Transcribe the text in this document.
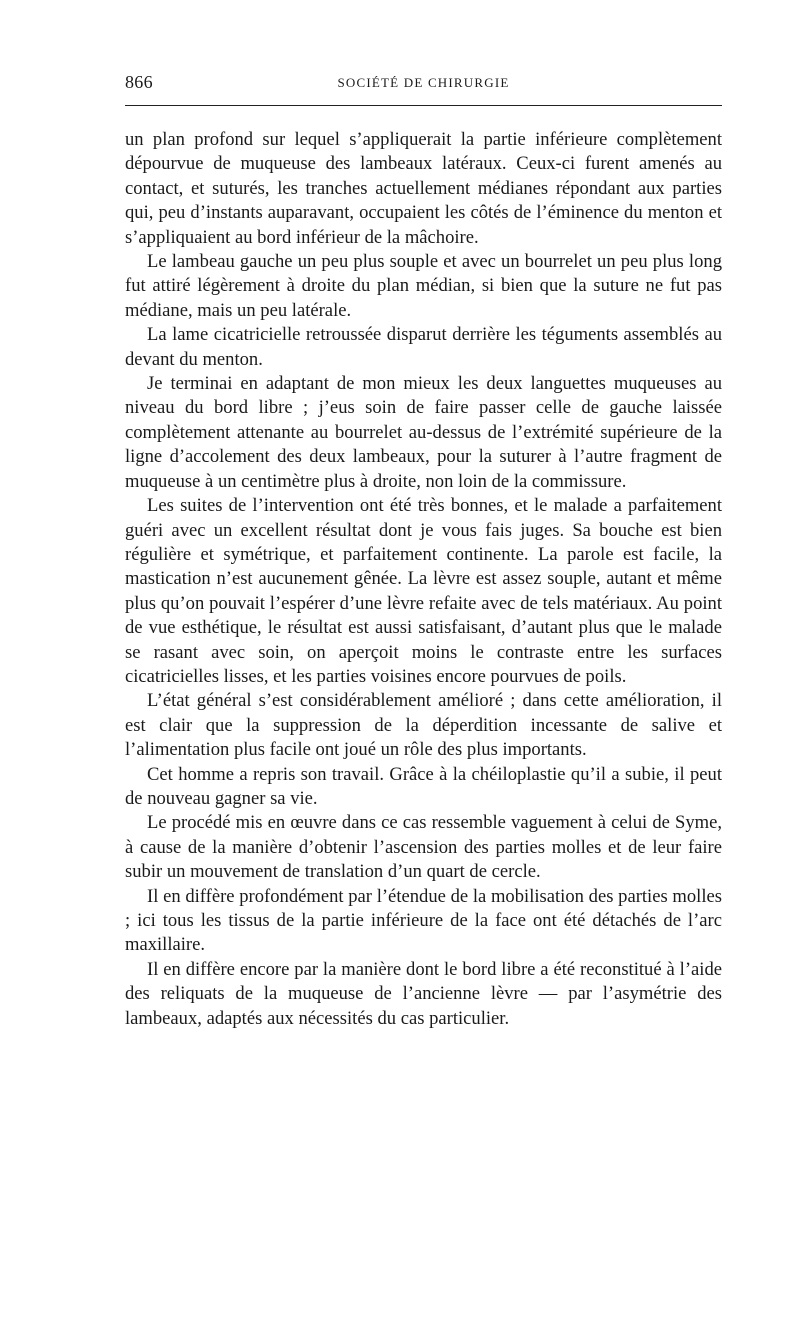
866	SOCIÉTÉ DE CHIRURGIE

un plan profond sur lequel s’appliquerait la partie inférieure complètement dépourvue de muqueuse des lambeaux latéraux. Ceux-ci furent amenés au contact, et suturés, les tranches actuellement médianes répondant aux parties qui, peu d’instants auparavant, occupaient les côtés de l’éminence du menton et s’appliquaient au bord inférieur de la mâchoire.

Le lambeau gauche un peu plus souple et avec un bourrelet un peu plus long fut attiré légèrement à droite du plan médian, si bien que la suture ne fut pas médiane, mais un peu latérale.

La lame cicatricielle retroussée disparut derrière les téguments assemblés au devant du menton.

Je terminai en adaptant de mon mieux les deux languettes muqueuses au niveau du bord libre ; j’eus soin de faire passer celle de gauche laissée complètement attenante au bourrelet au-dessus de l’extrémité supérieure de la ligne d’accolement des deux lambeaux, pour la suturer à l’autre fragment de muqueuse à un centimètre plus à droite, non loin de la commissure.

Les suites de l’intervention ont été très bonnes, et le malade a parfaitement guéri avec un excellent résultat dont je vous fais juges. Sa bouche est bien régulière et symétrique, et parfaitement continente. La parole est facile, la mastication n’est aucunement gênée. La lèvre est assez souple, autant et même plus qu’on pouvait l’espérer d’une lèvre refaite avec de tels matériaux. Au point de vue esthétique, le résultat est aussi satisfaisant, d’autant plus que le malade se rasant avec soin, on aperçoit moins le contraste entre les surfaces cicatricielles lisses, et les parties voisines encore pourvues de poils.

L’état général s’est considérablement amélioré ; dans cette amélioration, il est clair que la suppression de la déperdition incessante de salive et l’alimentation plus facile ont joué un rôle des plus importants.

Cet homme a repris son travail. Grâce à la chéiloplastie qu’il a subie, il peut de nouveau gagner sa vie.

Le procédé mis en œuvre dans ce cas ressemble vaguement à celui de Syme, à cause de la manière d’obtenir l’ascension des parties molles et de leur faire subir un mouvement de translation d’un quart de cercle.

Il en diffère profondément par l’étendue de la mobilisation des parties molles ; ici tous les tissus de la partie inférieure de la face ont été détachés de l’arc maxillaire.

Il en diffère encore par la manière dont le bord libre a été reconstitué à l’aide des reliquats de la muqueuse de l’ancienne lèvre — par l’asymétrie des lambeaux, adaptés aux nécessités du cas particulier.
